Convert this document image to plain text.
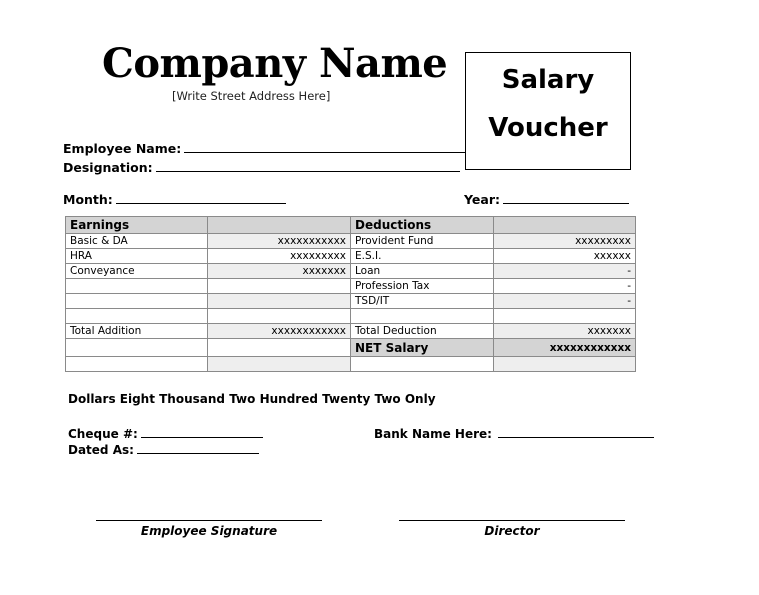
Company Name
[Write Street Address Here]
Salary
Voucher
Employee Name:
Designation:
Month:	Year:
Earnings		Deductions	
Basic & DA	xxxxxxxxxxx	Provident Fund	xxxxxxxxx
HRA	xxxxxxxxx	E.S.I.	xxxxxx
Conveyance	xxxxxxx	Loan	-
		Profession Tax	-
		TSD/IT	-

Total Addition	xxxxxxxxxxxx	Total Deduction	xxxxxxx
		NET Salary	xxxxxxxxxxxx

Dollars Eight Thousand Two Hundred Twenty Two Only
Cheque #:
Dated As:
Bank Name Here:
Employee Signature	Director
